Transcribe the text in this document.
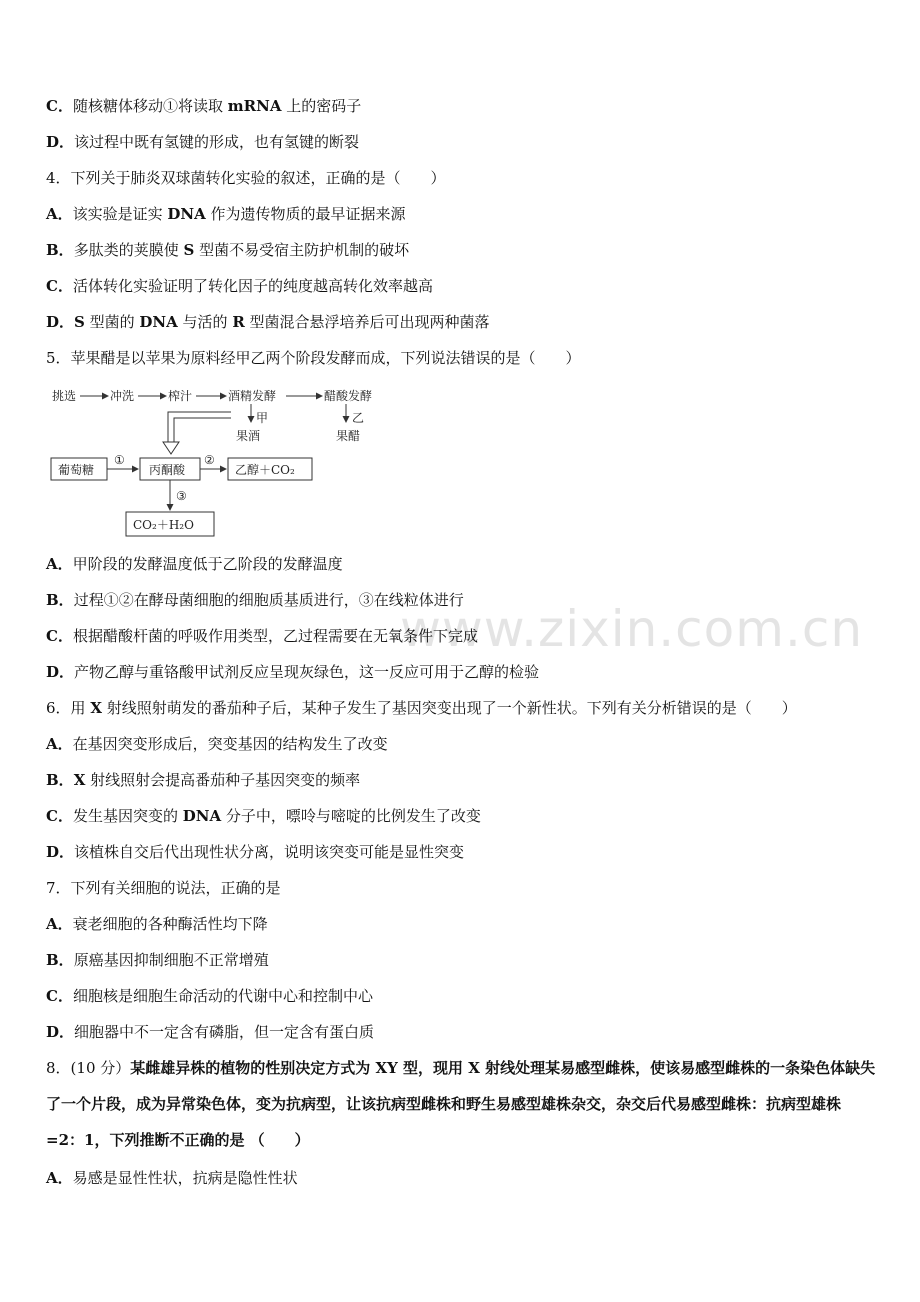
www.zixin.com.cn
C．随核糖体移动①将读取 mRNA 上的密码子
D．该过程中既有氢键的形成，也有氢键的断裂
4．下列关于肺炎双球菌转化实验的叙述，正确的是（　　）
A．该实验是证实 DNA 作为遗传物质的最早证据来源
B．多肽类的荚膜使 S 型菌不易受宿主防护机制的破坏
C．活体转化实验证明了转化因子的纯度越高转化效率越高
D．S 型菌的 DNA 与活的 R 型菌混合悬浮培养后可出现两种菌落
5．苹果醋是以苹果为原料经甲乙两个阶段发酵而成，下列说法错误的是（　　）
挑选	冲洗	榨汁	酒精发酵	醋酸发酵
甲
果酒
乙
果醋
葡萄糖
①
丙酮酸
②
乙醇＋CO₂
③
CO₂＋H₂O
A．甲阶段的发酵温度低于乙阶段的发酵温度
B．过程①②在酵母菌细胞的细胞质基质进行，③在线粒体进行
C．根据醋酸杆菌的呼吸作用类型，乙过程需要在无氧条件下完成
D．产物乙醇与重铬酸甲试剂反应呈现灰绿色，这一反应可用于乙醇的检验
6．用 X 射线照射萌发的番茄种子后，某种子发生了基因突变出现了一个新性状。下列有关分析错误的是（　　）
A．在基因突变形成后，突变基因的结构发生了改变
B．X 射线照射会提高番茄种子基因突变的频率
C．发生基因突变的 DNA 分子中，嘌呤与嘧啶的比例发生了改变
D．该植株自交后代出现性状分离，说明该突变可能是显性突变
7．下列有关细胞的说法，正确的是
A．衰老细胞的各种酶活性均下降
B．原癌基因抑制细胞不正常增殖
C．细胞核是细胞生命活动的代谢中心和控制中心
D．细胞器中不一定含有磷脂，但一定含有蛋白质
8．(10 分）某雌雄异株的植物的性别决定方式为 XY 型，现用 X 射线处理某易感型雌株，使该易感型雌株的一条染色体缺失了一个片段，成为异常染色体，变为抗病型，让该抗病型雌株和野生易感型雄株杂交，杂交后代易感型雌株：抗病型雄株=2：1，下列推断不正确的是 （　　）
A．易感是显性性状，抗病是隐性性状
